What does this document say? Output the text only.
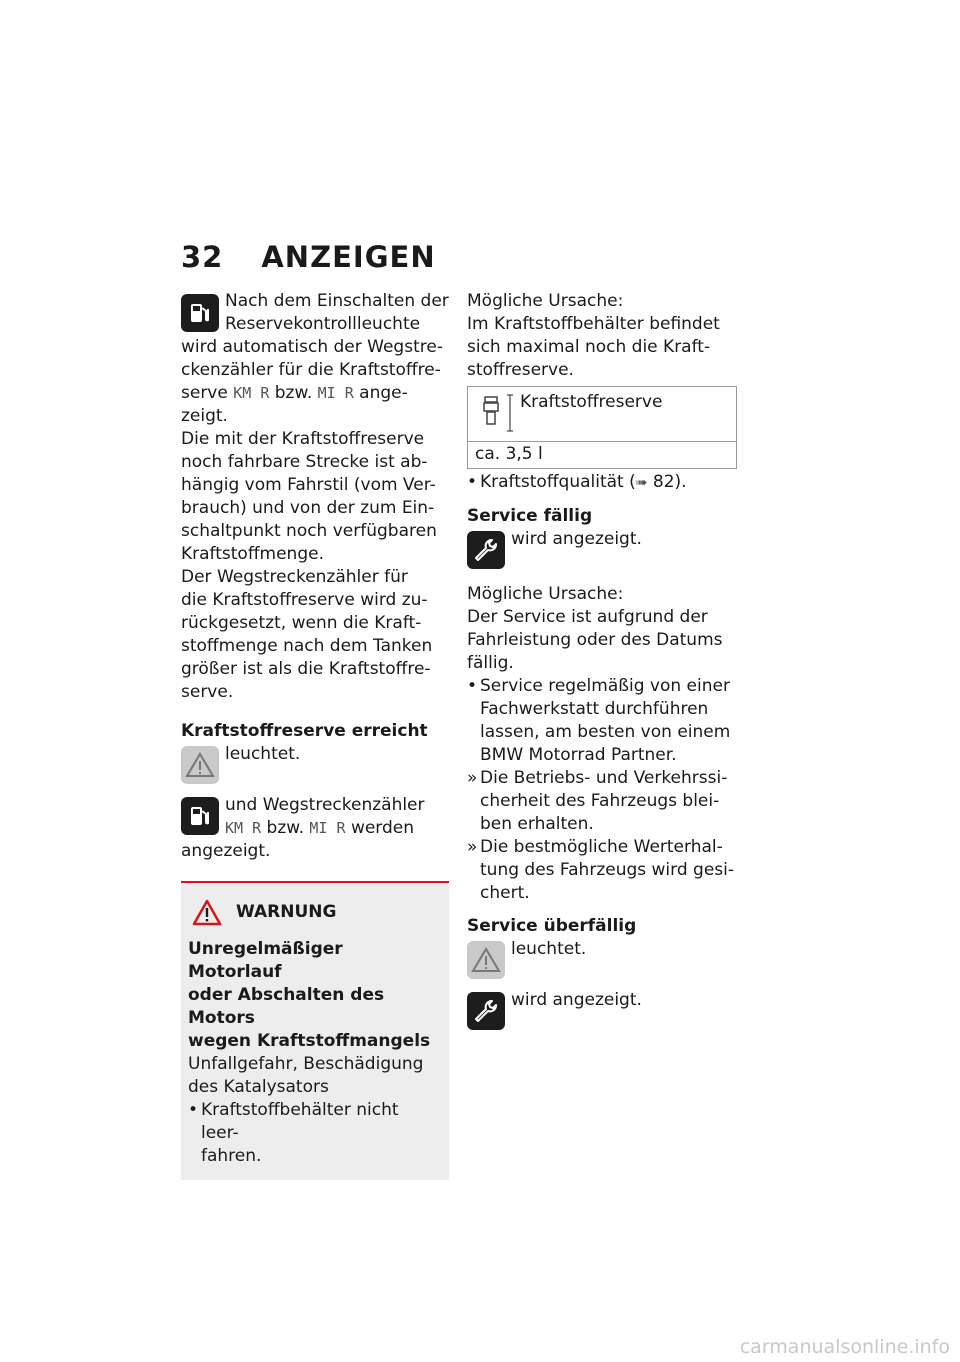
32 ANZEIGEN

Nach dem Einschalten der
Reservekontrollleuchte
wird automatisch der Wegstre-
ckenzähler für die Kraftstoffre-
serve KM R bzw. MI R ange-
zeigt.

Die mit der Kraftstoffreserve
noch fahrbare Strecke ist ab-
hängig vom Fahrstil (vom Ver-
brauch) und von der zum Ein-
schaltpunkt noch verfügbaren
Kraftstoffmenge.

Der Wegstreckenzähler für
die Kraftstoffreserve wird zu-
rückgesetzt, wenn die Kraft-
stoffmenge nach dem Tanken
größer ist als die Kraftstoffre-
serve.

Kraftstoffreserve erreicht

leuchtet.

und Wegstreckenzähler
KM R bzw. MI R werden
angezeigt.

WARNUNG

Unregelmäßiger Motorlauf
oder Abschalten des Motors
wegen Kraftstoffmangels

Unfallgefahr, Beschädigung
des Katalysators

• Kraftstoffbehälter nicht leer-
fahren.

Mögliche Ursache:

Im Kraftstoffbehälter befindet
sich maximal noch die Kraft-
stoffreserve.

Kraftstoffreserve
ca. 3,5 l

• Kraftstoffqualität (➠ 82).

Service fällig

wird angezeigt.

Mögliche Ursache:

Der Service ist aufgrund der
Fahrleistung oder des Datums
fällig.

• Service regelmäßig von einer
Fachwerkstatt durchführen
lassen, am besten von einem
BMW Motorrad Partner.

» Die Betriebs- und Verkehrssi-
cherheit des Fahrzeugs blei-
ben erhalten.

» Die bestmögliche Werterhal-
tung des Fahrzeugs wird gesi-
chert.

Service überfällig

leuchtet.

wird angezeigt.

carmanualsonline.info
